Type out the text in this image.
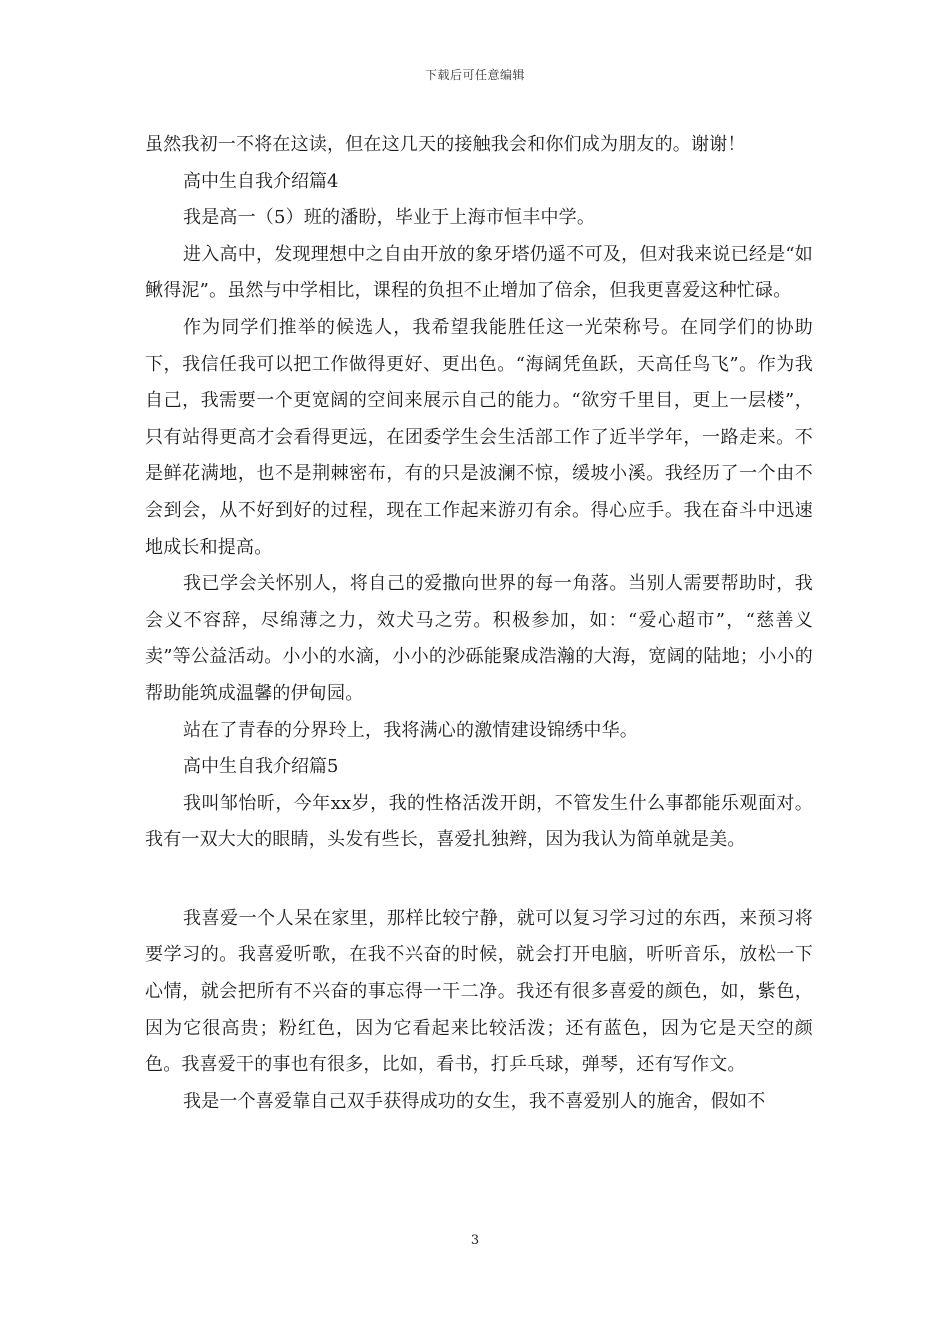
下载后可任意编辑

虽然我初一不将在这读，但在这几天的接触我会和你们成为朋友的。谢谢！

高中生自我介绍篇4

我是高一（5）班的潘盼，毕业于上海市恒丰中学。

进入高中，发现理想中之自由开放的象牙塔仍遥不可及，但对我来说已经是“如鳅得泥”。虽然与中学相比，课程的负担不止增加了倍余，但我更喜爱这种忙碌。

作为同学们推举的候选人，我希望我能胜任这一光荣称号。在同学们的协助下，我信任我可以把工作做得更好、更出色。“海阔凭鱼跃，天高任鸟飞”。作为我自己，我需要一个更宽阔的空间来展示自己的能力。“欲穷千里目，更上一层楼”，只有站得更高才会看得更远，在团委学生会生活部工作了近半学年，一路走来。不是鲜花满地，也不是荆棘密布，有的只是波澜不惊，缓坡小溪。我经历了一个由不会到会，从不好到好的过程，现在工作起来游刃有余。得心应手。我在奋斗中迅速地成长和提高。

我已学会关怀别人，将自己的爱撒向世界的每一角落。当别人需要帮助时，我会义不容辞，尽绵薄之力，效犬马之劳。积极参加，如：“爱心超市”，“慈善义卖”等公益活动。小小的水滴，小小的沙砾能聚成浩瀚的大海，宽阔的陆地；小小的帮助能筑成温馨的伊甸园。

站在了青春的分界玲上，我将满心的激情建设锦绣中华。

高中生自我介绍篇5

我叫邹怡昕，今年xx岁，我的性格活泼开朗，不管发生什么事都能乐观面对。我有一双大大的眼睛，头发有些长，喜爱扎独辫，因为我认为简单就是美。

我喜爱一个人呆在家里，那样比较宁静，就可以复习学习过的东西，来预习将要学习的。我喜爱听歌，在我不兴奋的时候，就会打开电脑，听听音乐，放松一下心情，就会把所有不兴奋的事忘得一干二净。我还有很多喜爱的颜色，如，紫色，因为它很高贵；粉红色，因为它看起来比较活泼；还有蓝色，因为它是天空的颜色。我喜爱干的事也有很多，比如，看书，打乒乓球，弹琴，还有写作文。

我是一个喜爱靠自己双手获得成功的女生，我不喜爱别人的施舍，假如不

3
